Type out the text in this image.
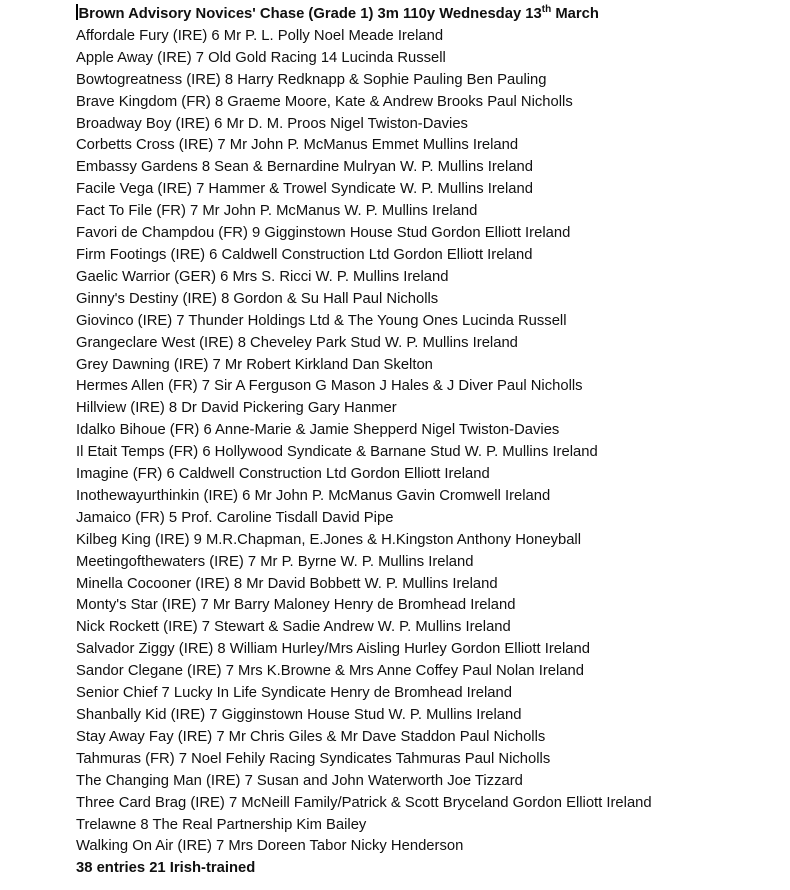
Brown Advisory Novices' Chase (Grade 1) 3m 110y Wednesday 13th March
Affordale Fury (IRE) 6 Mr P. L. Polly Noel Meade Ireland
Apple Away (IRE) 7 Old Gold Racing 14 Lucinda Russell
Bowtogreatness (IRE) 8 Harry Redknapp & Sophie Pauling Ben Pauling
Brave Kingdom (FR) 8 Graeme Moore, Kate & Andrew Brooks Paul Nicholls
Broadway Boy (IRE) 6 Mr D. M. Proos Nigel Twiston-Davies
Corbetts Cross (IRE) 7 Mr John P. McManus Emmet Mullins Ireland
Embassy Gardens 8 Sean & Bernardine Mulryan W. P. Mullins Ireland
Facile Vega (IRE) 7 Hammer & Trowel Syndicate W. P. Mullins Ireland
Fact To File (FR) 7 Mr John P. McManus W. P. Mullins Ireland
Favori de Champdou (FR) 9 Gigginstown House Stud Gordon Elliott Ireland
Firm Footings (IRE) 6 Caldwell Construction Ltd Gordon Elliott Ireland
Gaelic Warrior (GER) 6 Mrs S. Ricci W. P. Mullins Ireland
Ginny's Destiny (IRE) 8 Gordon & Su Hall Paul Nicholls
Giovinco (IRE) 7 Thunder Holdings Ltd & The Young Ones Lucinda Russell
Grangeclare West (IRE) 8 Cheveley Park Stud W. P. Mullins Ireland
Grey Dawning (IRE) 7 Mr Robert Kirkland Dan Skelton
Hermes Allen (FR) 7 Sir A Ferguson G Mason J Hales & J Diver Paul Nicholls
Hillview (IRE) 8 Dr David Pickering Gary Hanmer
Idalko Bihoue (FR) 6 Anne-Marie & Jamie Shepperd Nigel Twiston-Davies
Il Etait Temps (FR) 6 Hollywood Syndicate & Barnane Stud W. P. Mullins Ireland
Imagine (FR) 6 Caldwell Construction Ltd Gordon Elliott Ireland
Inothewayurthinkin (IRE) 6 Mr John P. McManus Gavin Cromwell Ireland
Jamaico (FR) 5 Prof. Caroline Tisdall David Pipe
Kilbeg King (IRE) 9 M.R.Chapman, E.Jones & H.Kingston Anthony Honeyball
Meetingofthewaters (IRE) 7 Mr P. Byrne W. P. Mullins Ireland
Minella Cocooner (IRE) 8 Mr David Bobbett W. P. Mullins Ireland
Monty's Star (IRE) 7 Mr Barry Maloney Henry de Bromhead Ireland
Nick Rockett (IRE) 7 Stewart & Sadie Andrew W. P. Mullins Ireland
Salvador Ziggy (IRE) 8 William Hurley/Mrs Aisling Hurley Gordon Elliott Ireland
Sandor Clegane (IRE) 7 Mrs K.Browne & Mrs Anne Coffey Paul Nolan Ireland
Senior Chief 7 Lucky In Life Syndicate Henry de Bromhead Ireland
Shanbally Kid (IRE) 7 Gigginstown House Stud W. P. Mullins Ireland
Stay Away Fay (IRE) 7 Mr Chris Giles & Mr Dave Staddon Paul Nicholls
Tahmuras (FR) 7 Noel Fehily Racing Syndicates Tahmuras Paul Nicholls
The Changing Man (IRE) 7 Susan and John Waterworth Joe Tizzard
Three Card Brag (IRE) 7 McNeill Family/Patrick & Scott Bryceland Gordon Elliott Ireland
Trelawne 8 The Real Partnership Kim Bailey
Walking On Air (IRE) 7 Mrs Doreen Tabor Nicky Henderson
38 entries 21 Irish-trained
